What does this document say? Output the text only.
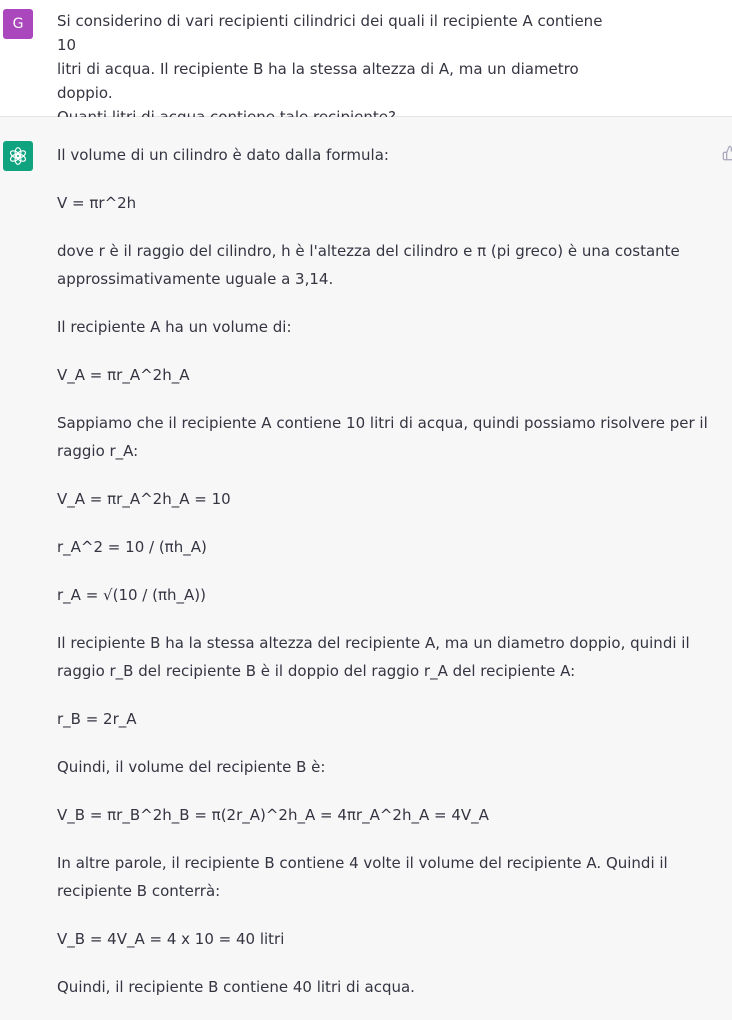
G Si considerino di vari recipienti cilindrici dei quali il recipiente A contiene 10
litri di acqua. Il recipiente B ha la stessa altezza di A, ma un diametro doppio.

Il volume di un cilindro è dato dalla formula:

V = πr^2h

dove r è il raggio del cilindro, h è l'altezza del cilindro e π (pi greco) è una costante approssimativamente uguale a 3,14.

Il recipiente A ha un volume di:

V_A = πr_A^2h_A

Sappiamo che il recipiente A contiene 10 litri di acqua, quindi possiamo risolvere per il raggio r_A:

V_A = πr_A^2h_A = 10

r_A^2 = 10 / (πh_A)

r_A = √(10 / (πh_A))

Il recipiente B ha la stessa altezza del recipiente A, ma un diametro doppio, quindi il raggio r_B del recipiente B è il doppio del raggio r_A del recipiente A:

r_B = 2r_A

Quindi, il volume del recipiente B è:

V_B = πr_B^2h_B = π(2r_A)^2h_A = 4πr_A^2h_A = 4V_A

In altre parole, il recipiente B contiene 4 volte il volume del recipiente A. Quindi il recipiente B conterrà:

V_B = 4V_A = 4 x 10 = 40 litri

Quindi, il recipiente B contiene 40 litri di acqua.
